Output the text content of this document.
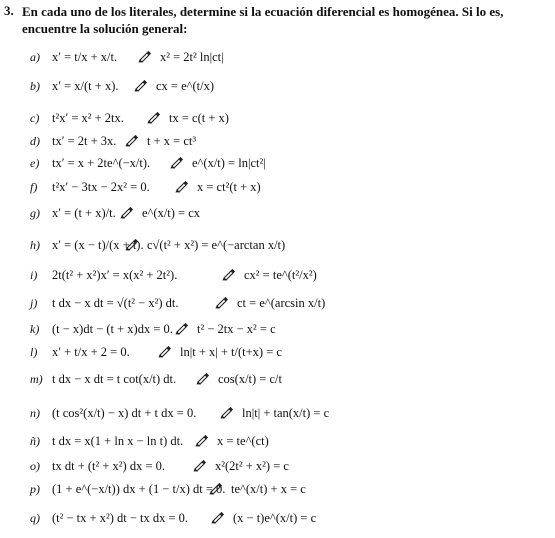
3. En cada uno de los literales, determine si la ecuación diferencial es homogénea. Si lo es, encuentre la solución general:
a) x′ = t/x + x/t.	x² = 2t² ln|ct|
b) x′ = x/(t + x).	cx = e^(t/x)
c) t²x′ = x² + 2tx.	tx = c(t + x)
d) tx′ = 2t + 3x. t + x = ct³
e) tx′ = x + 2te^(−x/t).	e^(x/t) = ln|ct²|
f) t²x′ − 3tx − 2x² = 0.	x = ct²(t + x)
g) x′ = (t + x)/t. e^(x/t) = cx
h) x′ = (x − t)/(x + t). c√(t² + x²) = e^(−arctan x/t)
i) 2t(t² + x²)x′ = x(x² + 2t²).	cx² = te^(t²/x²)
j) t dx − x dt = √(t² − x²) dt.	ct = e^(arcsin x/t)
k) (t − x)dt − (t + x)dx = 0. t² − 2tx − x² = c
l) x′ + t/x + 2 = 0.	ln|t + x| + t/(t+x) = c
m) t dx − x dt = t cot(x/t) dt.	cos(x/t) = c/t
n) (t cos²(x/t) − x) dt + t dx = 0.	ln|t| + tan(x/t) = c
ñ) t dx = x(1 + ln x − ln t) dt.	x = te^(ct)
o) tx dt + (t² + x²) dx = 0.	x²(2t² + x²) = c
p) (1 + e^(−x/t)) dx + (1 − t/x) dt = 0. te^(x/t) + x = c
q) (t² − tx + x²) dt − tx dx = 0.	(x − t)e^(x/t) = c
